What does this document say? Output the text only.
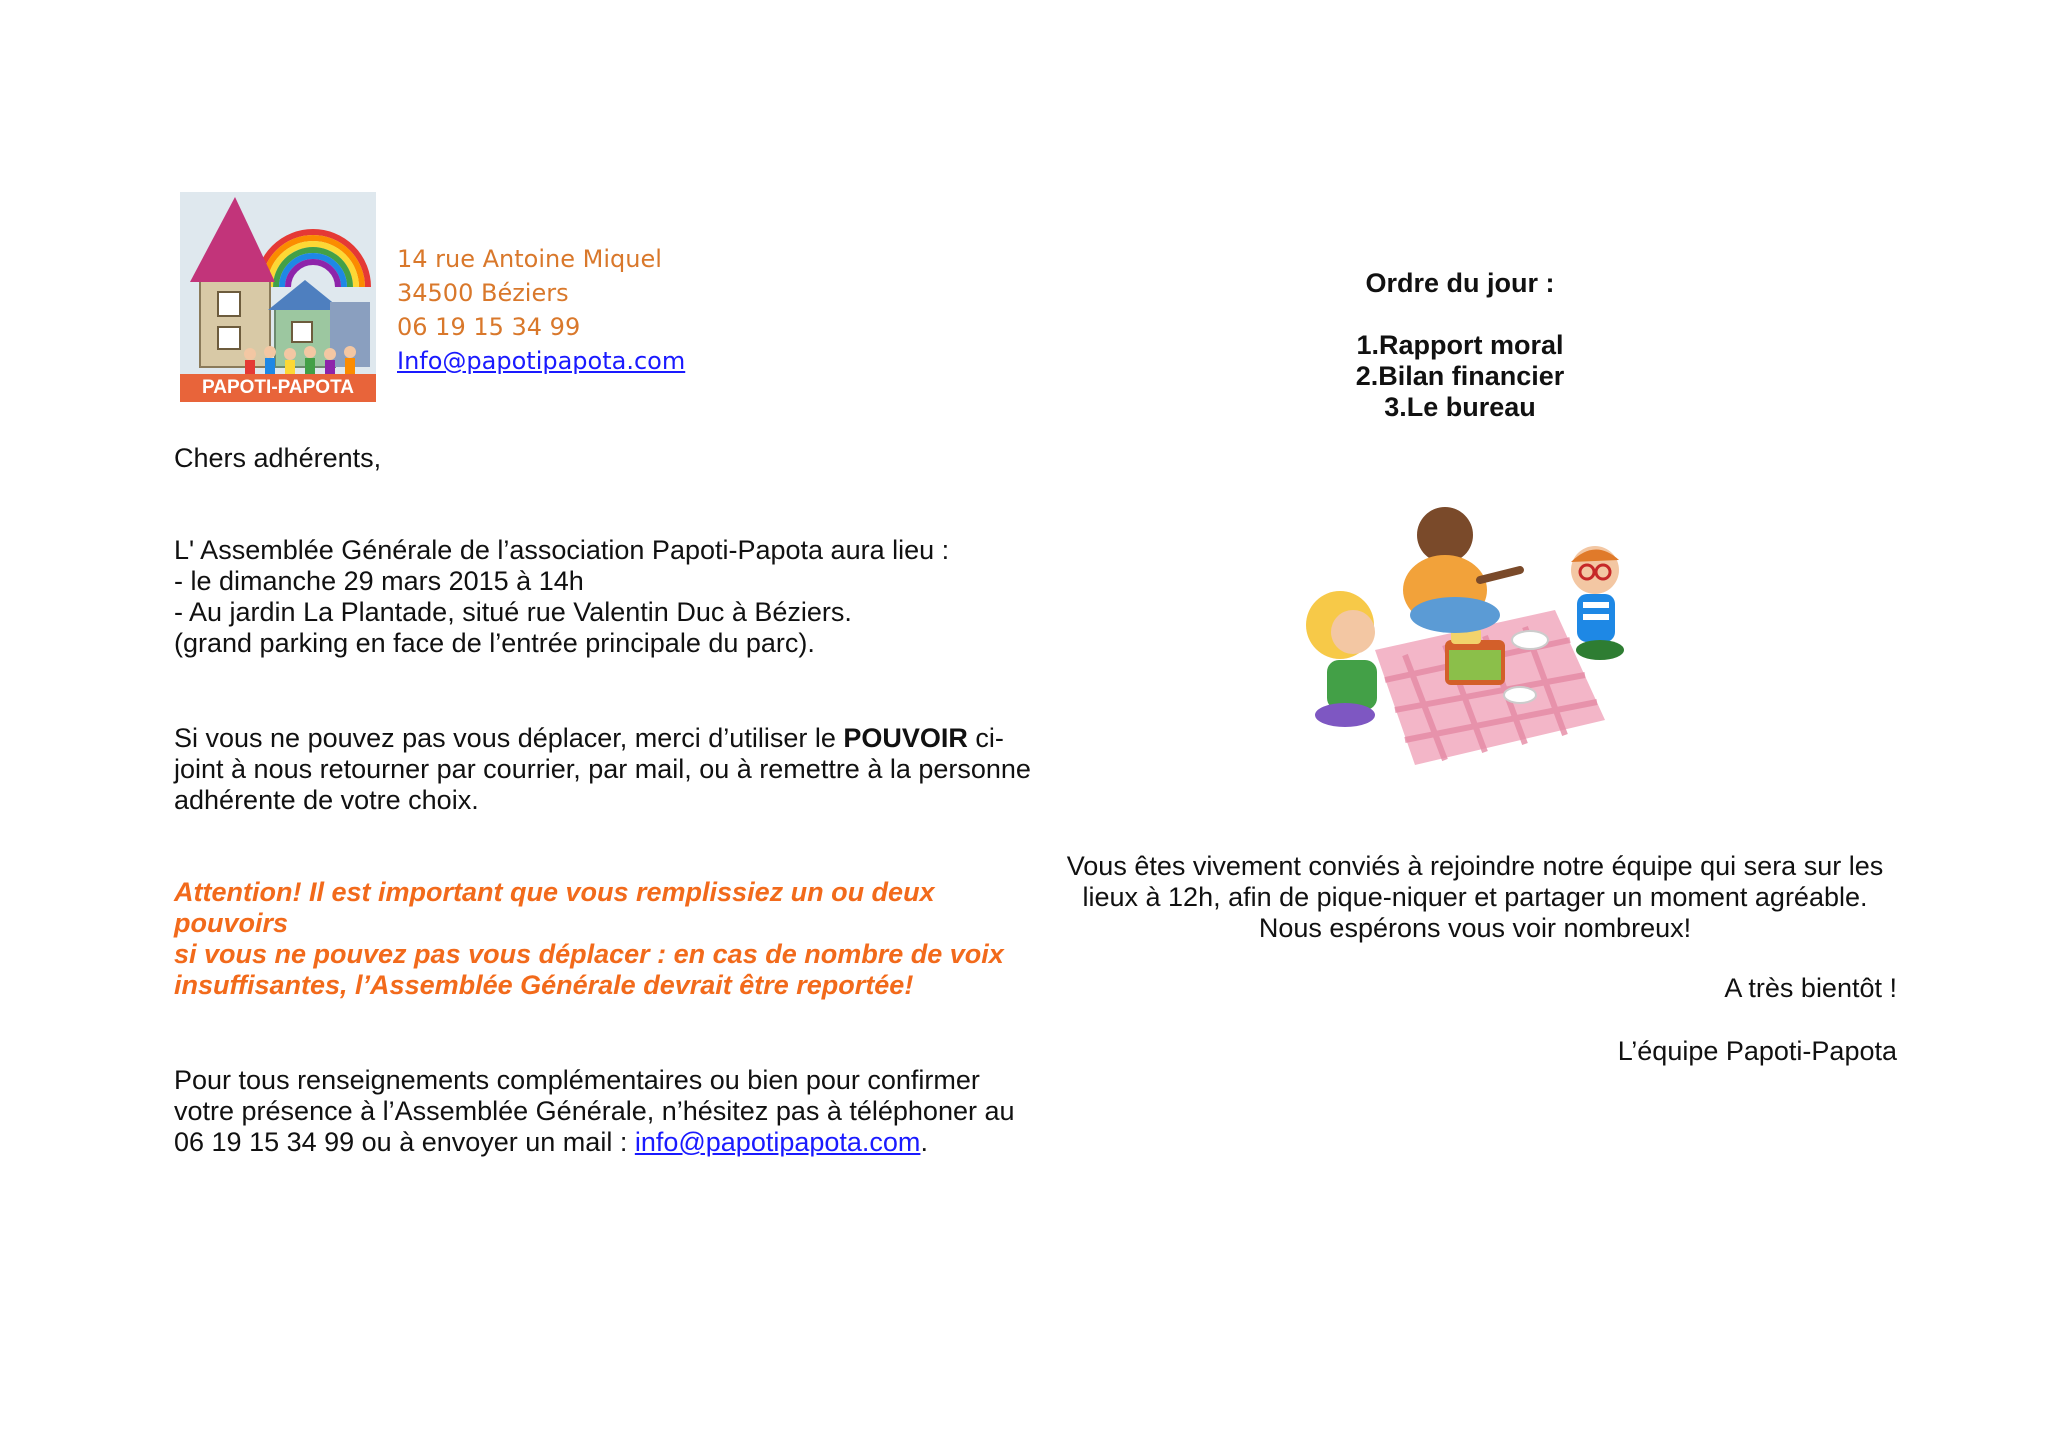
PAPOTI-PAPOTA
14 rue Antoine Miquel
34500 Béziers
06 19 15 34 99
Info@papotipapota.com
Chers adhérents,
L' Assemblée Générale de l’association Papoti-Papota aura lieu :
- le dimanche 29 mars 2015 à 14h
- Au jardin La Plantade, situé rue Valentin Duc à Béziers.
(grand parking en face de l’entrée principale du parc).
Si vous ne pouvez pas vous déplacer, merci d’utiliser le POUVOIR ci-
joint à nous retourner par courrier, par mail, ou à remettre à la personne
adhérente de votre choix.
Attention! Il est important que vous remplissiez un ou deux
pouvoirs
si vous ne pouvez pas vous déplacer : en cas de nombre de voix
insuffisantes, l’Assemblée Générale devrait être reportée!
Pour tous renseignements complémentaires ou bien pour confirmer
votre présence à l’Assemblée Générale, n’hésitez pas à téléphoner au
06 19 15 34 99 ou à envoyer un mail : info@papotipapota.com.
Ordre du jour :
1.Rapport moral
2.Bilan financier
3.Le bureau
Vous êtes vivement conviés à rejoindre notre équipe qui sera sur les
lieux à 12h, afin de pique-niquer et partager un moment agréable.
Nous espérons vous voir nombreux!
A très bientôt !
L’équipe Papoti-Papota
